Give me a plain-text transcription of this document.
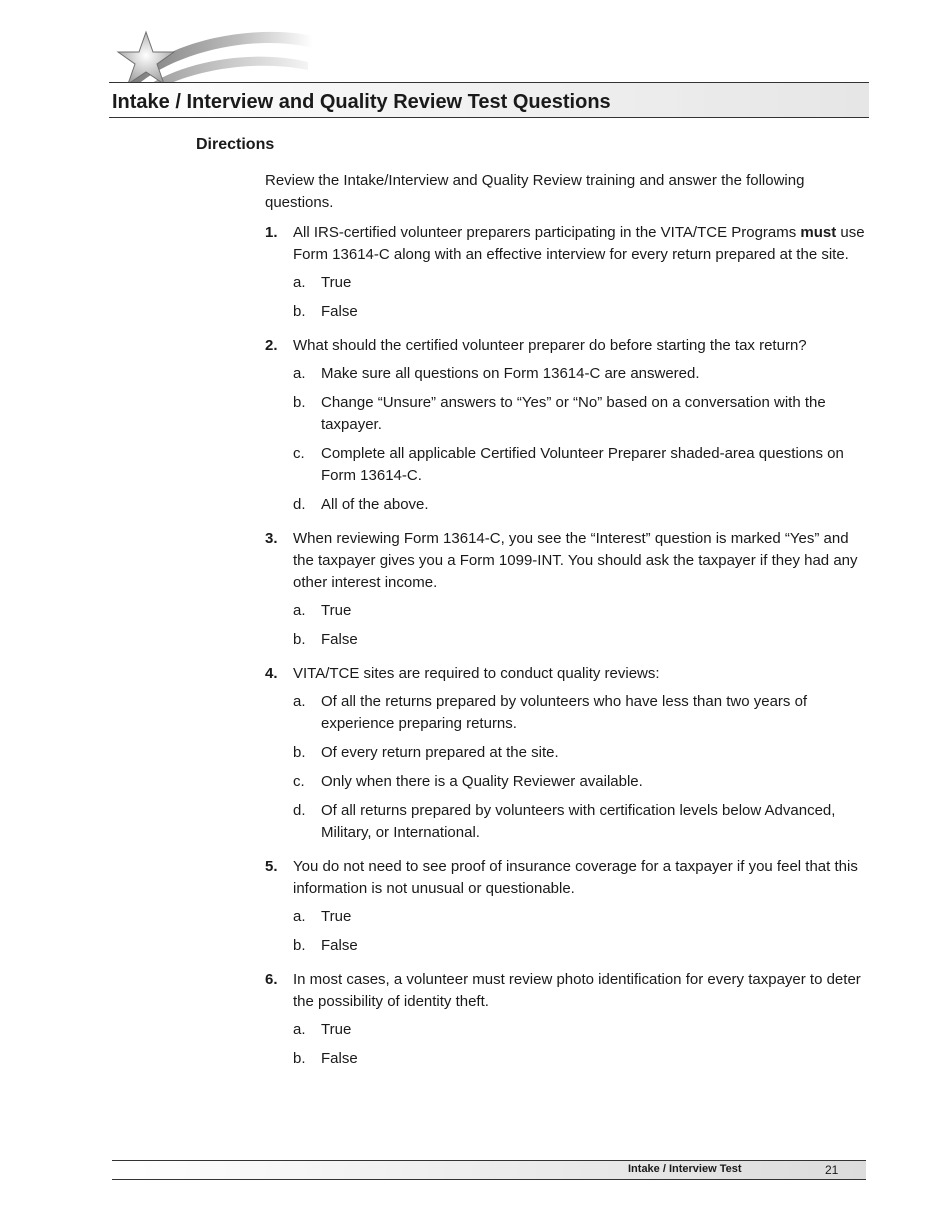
Intake / Interview and Quality Review Test Questions
Directions

Review the Intake/Interview and Quality Review training and answer the following questions.

1.	All IRS-certified volunteer preparers participating in the VITA/TCE Programs must use Form 13614-C along with an effective interview for every return prepared at the site.
a.	True
b.	False
2.	What should the certified volunteer preparer do before starting the tax return?
a.	Make sure all questions on Form 13614-C are answered.
b.	Change “Unsure” answers to “Yes” or “No” based on a conversation with the taxpayer.
c.	Complete all applicable Certified Volunteer Preparer shaded-area questions on Form 13614-C.
d.	All of the above.
3.	When reviewing Form 13614-C, you see the “Interest” question is marked “Yes” and the taxpayer gives you a Form 1099-INT. You should ask the taxpayer if they had any other interest income.
a.	True
b.	False
4.	VITA/TCE sites are required to conduct quality reviews:
a.	Of all the returns prepared by volunteers who have less than two years of experience preparing returns.
b.	Of every return prepared at the site.
c.	Only when there is a Quality Reviewer available.
d.	Of all returns prepared by volunteers with certification levels below Advanced, Military, or International.
5.	You do not need to see proof of insurance coverage for a taxpayer if you feel that this information is not unusual or questionable.
a.	True
b.	False
6.	In most cases, a volunteer must review photo identification for every taxpayer to deter the possibility of identity theft.
a.	True
b.	False
Intake / Interview Test	21
